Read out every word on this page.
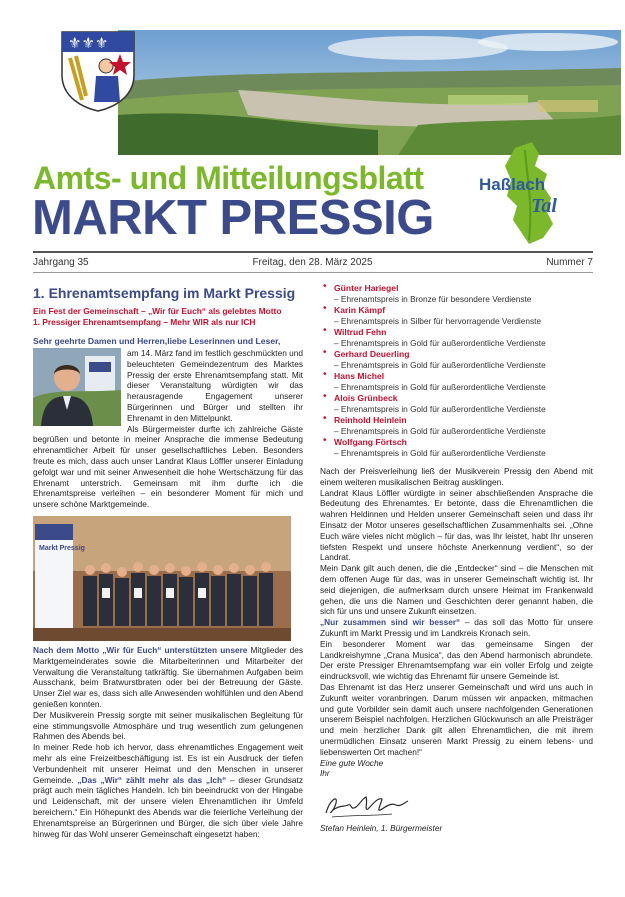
⚜⚜⚜
Amts- und Mitteilungsblatt
MARKT PRESSIG
Haßlach
Tal
Jahrgang 35	Freitag, den 28. März 2025	Nummer 7
1. Ehrenamtsempfang im Markt Pressig
Ein Fest der Gemeinschaft – „Wir für Euch“ als gelebtes Motto
1. Pressiger Ehrenamtsempfang – Mehr WIR als nur ICH
Sehr geehrte Damen und Herren,liebe Leserinnen und Leser,

am 14. März fand im festlich geschmückten und beleuchteten Gemeindezentrum des Marktes Pressig der erste Ehrenamtsempfang statt. Mit dieser Veranstaltung würdigten wir das herausragende Engagement unserer Bürgerinnen und Bürger und stellten ihr Ehrenamt in den Mittelpunkt.

Als Bürgermeister durfte ich zahlreiche Gäste begrüßen und betonte in meiner Ansprache die immense Bedeutung ehrenamtlicher Arbeit für unser gesellschaftliches Leben. Besonders freute es mich, dass auch unser Landrat Klaus Löffler unserer Einladung gefolgt war und mit seiner Anwesenheit die hohe Wertschätzung für das Ehrenamt unterstrich. Gemeinsam mit ihm durfte ich die Ehrenamtspreise verleihen – ein besonderer Moment für mich und unsere schöne Marktgemeinde.

Markt Pressig

Nach dem Motto „Wir für Euch“ unterstützten unsere Mitglieder des Marktgemeinderates sowie die Mitarbeiterinnen und Mitarbeiter der Verwaltung die Veranstaltung tatkräftig. Sie übernahmen Aufgaben beim Ausschank, beim Bratwurstbraten oder bei der Betreuung der Gäste. Unser Ziel war es, dass sich alle Anwesenden wohlfühlen und den Abend genießen konnten.

Der Musikverein Pressig sorgte mit seiner musikalischen Begleitung für eine stimmungsvolle Atmosphäre und trug wesentlich zum gelungenen Rahmen des Abends bei.

In meiner Rede hob ich hervor, dass ehrenamtliches Engagement weit mehr als eine Freizeitbeschäftigung ist. Es ist ein Ausdruck der tiefen Verbundenheit mit unserer Heimat und den Menschen in unserer Gemeinde. „Das „Wir“ zählt mehr als das „Ich“ – dieser Grundsatz prägt auch mein tägliches Handeln. Ich bin beeindruckt von der Hingabe und Leidenschaft, mit der unsere vielen Ehrenamtlichen ihr Umfeld bereichern.“ Ein Höhepunkt des Abends war die feierliche Verleihung der Ehrenamtspreise an Bürgerinnen und Bürger, die sich über viele Jahre hinweg für das Wohl unserer Gemeinschaft eingesetzt haben:

• Günter Hariegel
– Ehrenamtspreis in Bronze für besondere Verdienste
• Karin Kämpf
– Ehrenamtspreis in Silber für hervorragende Verdienste
• Wiltrud Fehn
– Ehrenamtspreis in Gold für außerordentliche Verdienste
• Gerhard Deuerling
– Ehrenamtspreis in Gold für außerordentliche Verdienste
• Hans Michel
– Ehrenamtspreis in Gold für außerordentliche Verdienste
• Alois Grünbeck
– Ehrenamtspreis in Gold für außerordentliche Verdienste
• Reinhold Heinlein
– Ehrenamtspreis in Gold für außerordentliche Verdienste
• Wolfgang Förtsch
– Ehrenamtspreis in Gold für außerordentliche Verdienste

Nach der Preisverleihung ließ der Musikverein Pressig den Abend mit einem weiteren musikalischen Beitrag ausklingen.

Landrat Klaus Löffler würdigte in seiner abschließenden Ansprache die Bedeutung des Ehrenamtes. Er betonte, dass die Ehrenamtlichen die wahren Heldinnen und Helden unserer Gemeinschaft seien und dass ihr Einsatz der Motor unseres gesellschaftlichen Zusammenhalts sei. „Ohne Euch wäre vieles nicht möglich – für das, was Ihr leistet, habt Ihr unseren tiefsten Respekt und unsere höchste Anerkennung verdient“, so der Landrat.

Mein Dank gilt auch denen, die die „Entdecker“ sind – die Menschen mit dem offenen Auge für das, was in unserer Gemeinschaft wichtig ist. Ihr seid diejenigen, die aufmerksam durch unsere Heimat im Frankenwald gehen, die uns die Namen und Geschichten derer genannt haben, die sich für uns und unsere Zukunft einsetzen.

„Nur zusammen sind wir besser“ – das soll das Motto für unsere Zukunft im Markt Pressig und im Landkreis Kronach sein.

Ein besonderer Moment war das gemeinsame Singen der Landkreishymne „Crana Musica“, das den Abend harmonisch abrundete. Der erste Pressiger Ehrenamtsempfang war ein voller Erfolg und zeigte eindrucksvoll, wie wichtig das Ehrenamt für unsere Gemeinde ist.

Das Ehrenamt ist das Herz unserer Gemeinschaft und wird uns auch in Zukunft weiter voranbringen. Darum müssen wir anpacken, mitmachen und gute Vorbilder sein damit auch unsere nachfolgenden Generationen unserem Beispiel nachfolgen. Herzlichen Glückwunsch an alle Preisträger und mein herzlicher Dank gilt allen Ehrenamtlichen, die mit ihrem unermüdlichen Einsatz unseren Markt Pressig zu einem lebens- und liebenswerten Ort machen!“

Eine gute Woche

Ihr

Stefan Heinlein, 1. Bürgermeister
